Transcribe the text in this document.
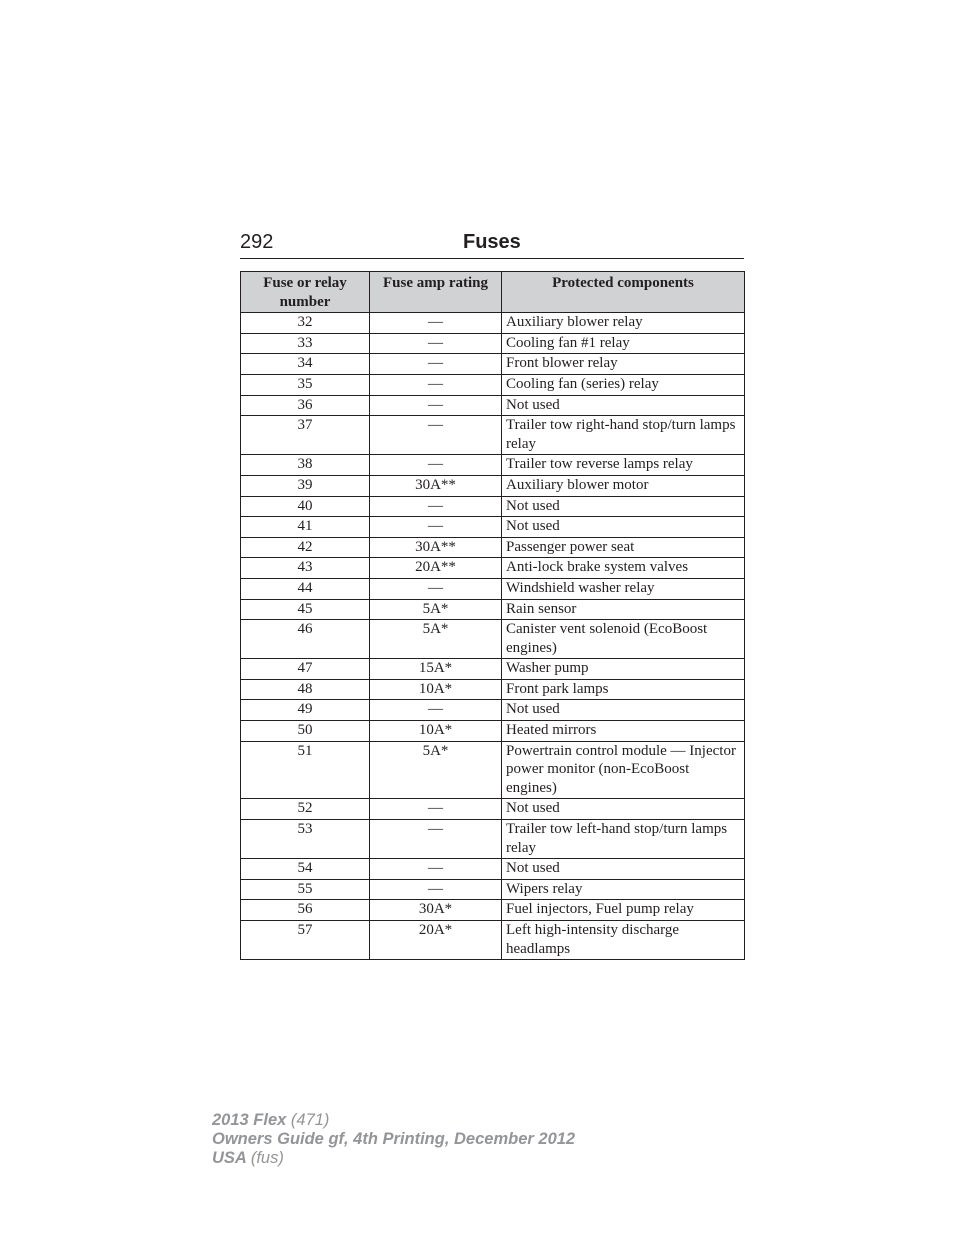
292	Fuses
Fuse or relay number	Fuse amp rating	Protected components
32	—	Auxiliary blower relay
33	—	Cooling fan #1 relay
34	—	Front blower relay
35	—	Cooling fan (series) relay
36	—	Not used
37	—	Trailer tow right-hand stop/turn lamps relay
38	—	Trailer tow reverse lamps relay
39	30A**	Auxiliary blower motor
40	—	Not used
41	—	Not used
42	30A**	Passenger power seat
43	20A**	Anti-lock brake system valves
44	—	Windshield washer relay
45	5A*	Rain sensor
46	5A*	Canister vent solenoid (EcoBoost engines)
47	15A*	Washer pump
48	10A*	Front park lamps
49	—	Not used
50	10A*	Heated mirrors
51	5A*	Powertrain control module — Injector power monitor (non-EcoBoost engines)
52	—	Not used
53	—	Trailer tow left-hand stop/turn lamps relay
54	—	Not used
55	—	Wipers relay
56	30A*	Fuel injectors, Fuel pump relay
57	20A*	Left high-intensity discharge headlamps
2013 Flex (471)
Owners Guide gf, 4th Printing, December 2012
USA (fus)
